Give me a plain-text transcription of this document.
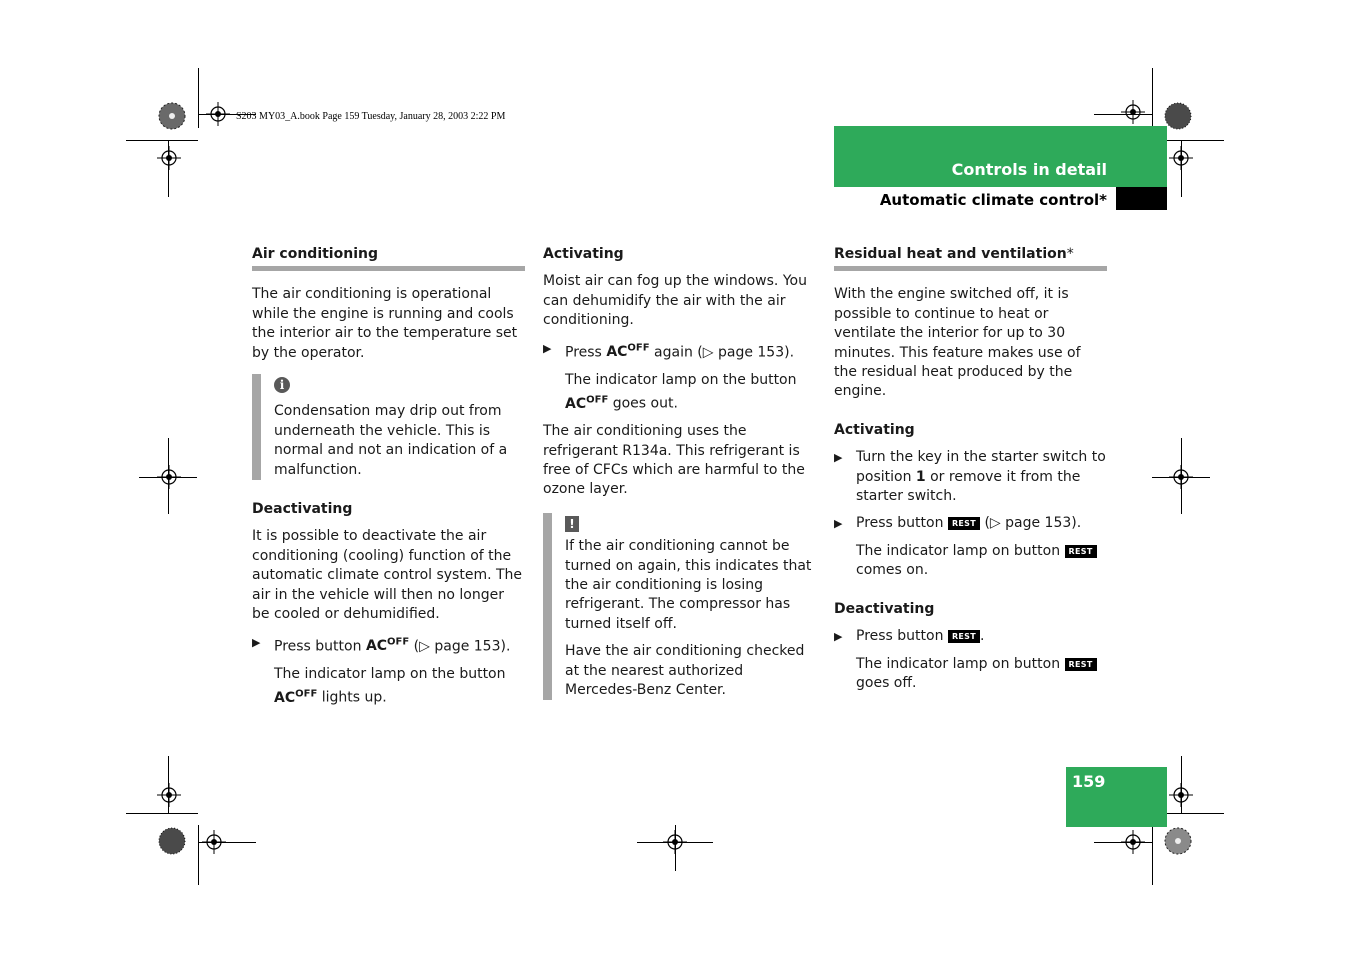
S203 MY03_A.book Page 159 Tuesday, January 28, 2003 2:22 PM
Controls in detail
Automatic climate control*
159

Air conditioning

The air conditioning is operational while the engine is running and cools the interior air to the temperature set by the operator.

i

Condensation may drip out from underneath the vehicle. This is normal and not an indication of a malfunction.

Deactivating

It is possible to deactivate the air conditioning (cooling) function of the automatic climate control system. The air in the vehicle will then no longer be cooled or dehumidified.

▶ Press button $AC^{OFF}$ (▷ page 153).

The indicator lamp on the button $AC^{OFF}$ lights up.

Activating

Moist air can fog up the windows. You can dehumidify the air with the air conditioning.

▶ Press $AC^{OFF}$ again (▷ page 153).

The indicator lamp on the button $AC^{OFF}$ goes out.

The air conditioning uses the refrigerant R134a. This refrigerant is free of CFCs which are harmful to the ozone layer.

!

If the air conditioning cannot be turned on again, this indicates that the air conditioning is losing refrigerant. The compressor has turned itself off.

Have the air conditioning checked at the nearest authorized Mercedes-Benz Center.

Residual heat and ventilation*

With the engine switched off, it is possible to continue to heat or ventilate the interior for up to 30 minutes. This feature makes use of the residual heat produced by the engine.

Activating

▶ Turn the key in the starter switch to position 1 or remove it from the starter switch.
▶ Press button REST (▷ page 153).

The indicator lamp on button REST comes on.

Deactivating

▶ Press button REST .

The indicator lamp on button REST goes off.
